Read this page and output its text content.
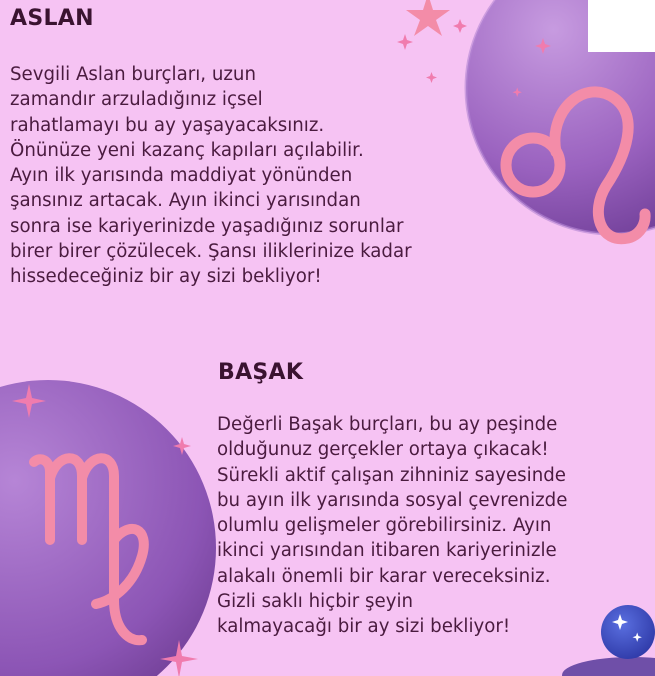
ASLAN

Sevgili Aslan burçları, uzun
zamandır arzuladığınız içsel
rahatlamayı bu ay yaşayacaksınız.
Önünüze yeni kazanç kapıları açılabilir.
Ayın ilk yarısında maddiyat yönünden
şansınız artacak. Ayın ikinci yarısından
sonra ise kariyerinizde yaşadığınız sorunlar
birer birer çözülecek. Şansı iliklerinize kadar
hissedeceğiniz bir ay sizi bekliyor!

BAŞAK

Değerli Başak burçları, bu ay peşinde
olduğunuz gerçekler ortaya çıkacak!
Sürekli aktif çalışan zihniniz sayesinde
bu ayın ilk yarısında sosyal çevrenizde
olumlu gelişmeler görebilirsiniz. Ayın
ikinci yarısından itibaren kariyerinizle
alakalı önemli bir karar vereceksiniz.
Gizli saklı hiçbir şeyin
kalmayacağı bir ay sizi bekliyor!
